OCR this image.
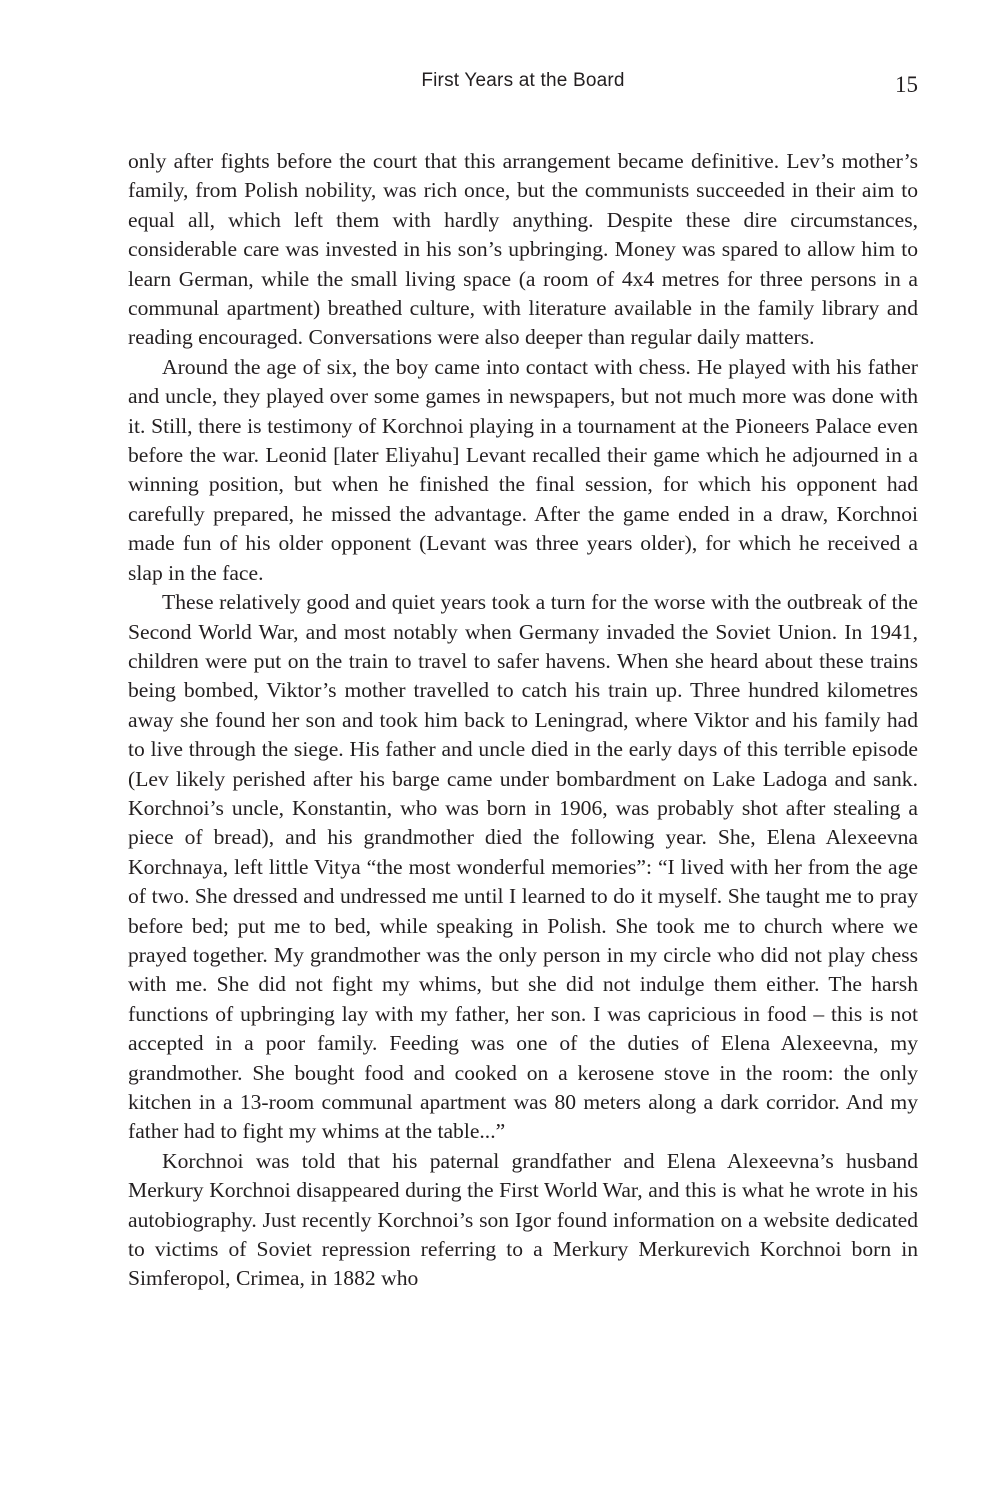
First Years at the Board	15

only after fights before the court that this arrangement became definitive. Lev’s mother’s family, from Polish nobility, was rich once, but the communists succeeded in their aim to equal all, which left them with hardly anything. Despite these dire circumstances, considerable care was invested in his son’s upbringing. Money was spared to allow him to learn German, while the small living space (a room of 4x4 metres for three persons in a communal apartment) breathed culture, with literature available in the family library and reading encouraged. Conversations were also deeper than regular daily matters.

Around the age of six, the boy came into contact with chess. He played with his father and uncle, they played over some games in newspapers, but not much more was done with it. Still, there is testimony of Korchnoi playing in a tournament at the Pioneers Palace even before the war. Leonid [later Eliyahu] Levant recalled their game which he adjourned in a winning position, but when he finished the final session, for which his opponent had carefully prepared, he missed the advantage. After the game ended in a draw, Korchnoi made fun of his older opponent (Levant was three years older), for which he received a slap in the face.

These relatively good and quiet years took a turn for the worse with the outbreak of the Second World War, and most notably when Germany invaded the Soviet Union. In 1941, children were put on the train to travel to safer havens. When she heard about these trains being bombed, Viktor’s mother travelled to catch his train up. Three hundred kilometres away she found her son and took him back to Leningrad, where Viktor and his family had to live through the siege. His father and uncle died in the early days of this terrible episode (Lev likely perished after his barge came under bombardment on Lake Ladoga and sank. Korchnoi’s uncle, Konstantin, who was born in 1906, was probably shot after stealing a piece of bread), and his grandmother died the following year. She, Elena Alexeevna Korchnaya, left little Vitya “the most wonderful memories”: “I lived with her from the age of two. She dressed and undressed me until I learned to do it myself. She taught me to pray before bed; put me to bed, while speaking in Polish. She took me to church where we prayed together. My grandmother was the only person in my circle who did not play chess with me. She did not fight my whims, but she did not indulge them either. The harsh functions of upbringing lay with my father, her son. I was capricious in food – this is not accepted in a poor family. Feeding was one of the duties of Elena Alexeevna, my grandmother. She bought food and cooked on a kerosene stove in the room: the only kitchen in a 13-room communal apartment was 80 meters along a dark corridor. And my father had to fight my whims at the table...”

Korchnoi was told that his paternal grandfather and Elena Alexeevna’s husband Merkury Korchnoi disappeared during the First World War, and this is what he wrote in his autobiography. Just recently Korchnoi’s son Igor found information on a website dedicated to victims of Soviet repression referring to a Merkury Merkurevich Korchnoi born in Simferopol, Crimea, in 1882 who
